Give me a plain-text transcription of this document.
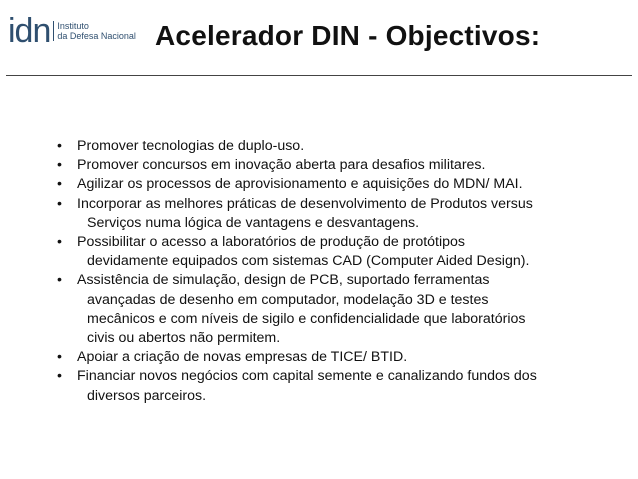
idn Instituto
da Defesa Nacional Acelerador DIN - Objectivos:
• Promover tecnologias de duplo-uso.
• Promover concursos em inovação aberta para desafios militares.
• Agilizar os processos de aprovisionamento e aquisições do MDN/ MAI.
• Incorporar as melhores práticas de desenvolvimento de Produtos versus
Serviços numa lógica de vantagens e desvantagens.
• Possibilitar o acesso a laboratórios de produção de protótipos
devidamente equipados com sistemas CAD (Computer Aided Design).
• Assistência de simulação, design de PCB, suportado ferramentas
avançadas de desenho em computador, modelação 3D e testes
mecânicos e com níveis de sigilo e confidencialidade que laboratórios
civis ou abertos não permitem.
• Apoiar a criação de novas empresas de TICE/ BTID.
• Financiar novos negócios com capital semente e canalizando fundos dos
diversos parceiros.
